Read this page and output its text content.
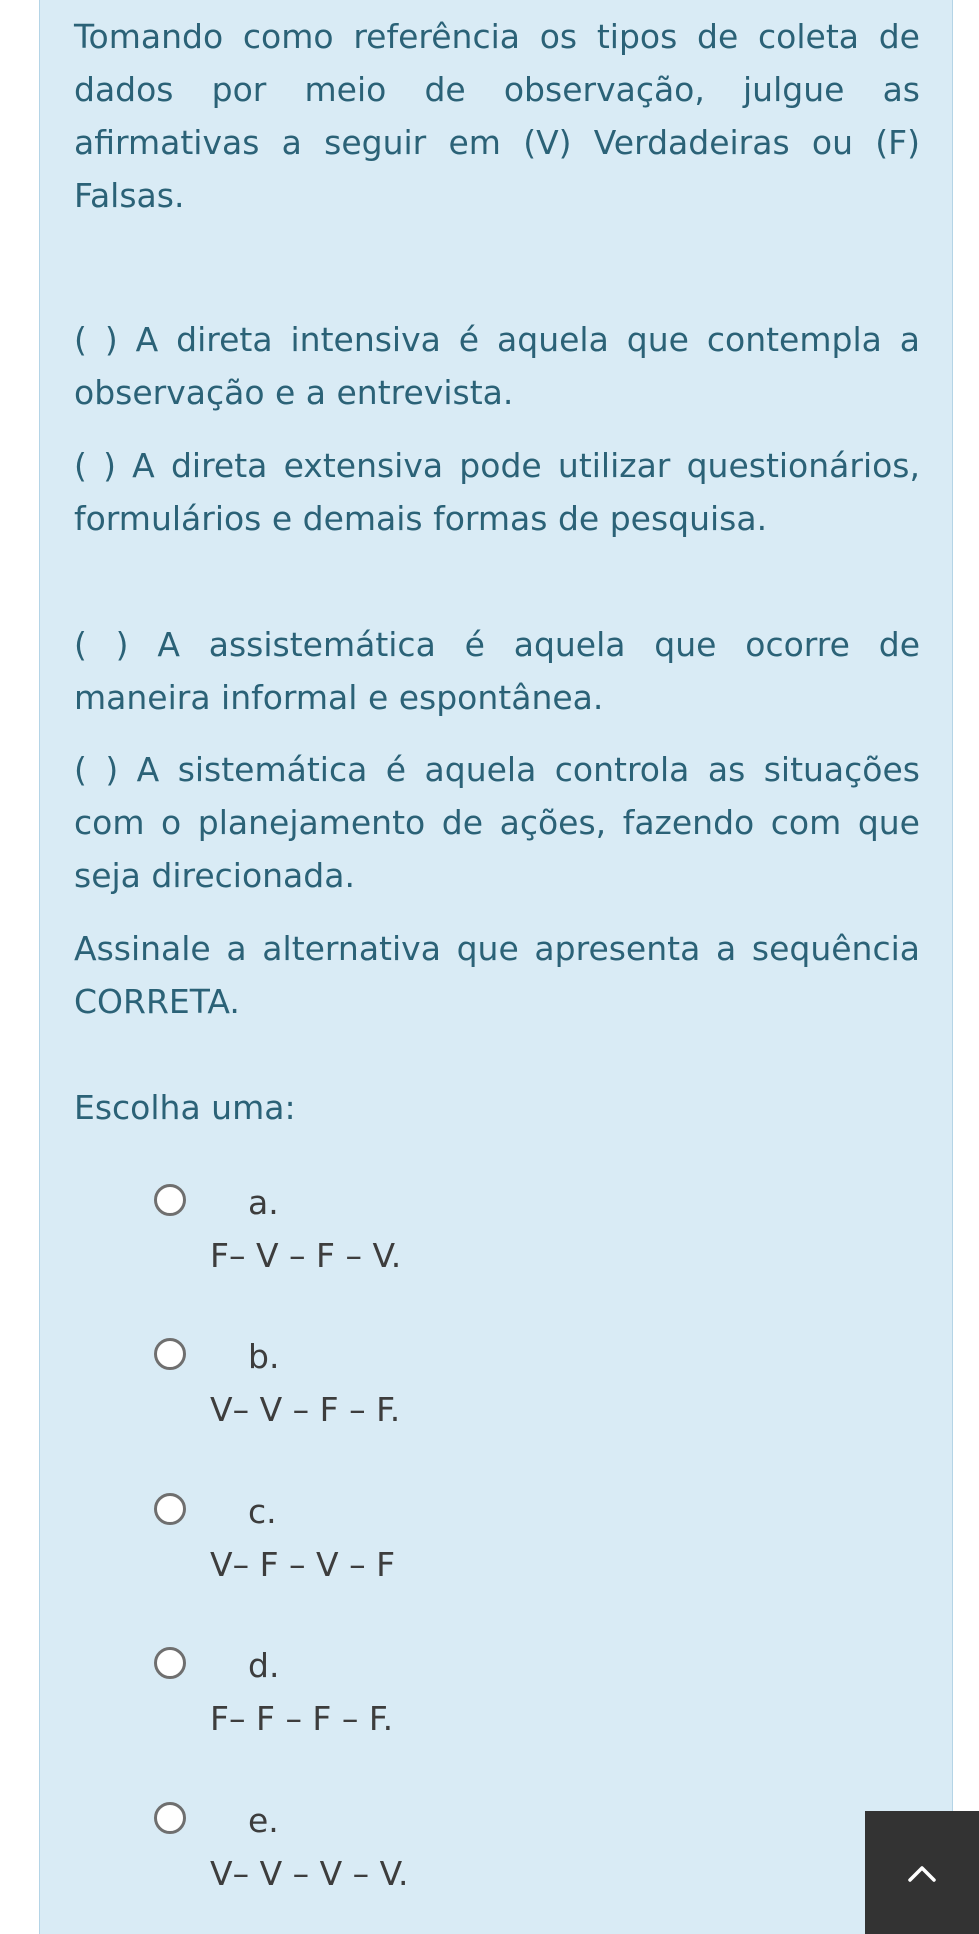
Tomando como referência os tipos de coleta de dados por meio de observação, julgue as afirmativas a seguir em (V) Verdadeiras ou (F) Falsas.

( ) A direta intensiva é aquela que contempla a observação e a entrevista.

( ) A direta extensiva pode utilizar questionários, formulários e demais formas de pesquisa.

( ) A assistemática é aquela que ocorre de maneira informal e espontânea.

( ) A sistemática é aquela controla as situações com o planejamento de ações, fazendo com que seja direcionada.

Assinale a alternativa que apresenta a sequência CORRETA.

Escolha uma:

a.
F– V – F – V.
b.
V– V – F – F.
c.
V– F – V – F
d.
F– F – F – F.
e.
V– V – V – V.
